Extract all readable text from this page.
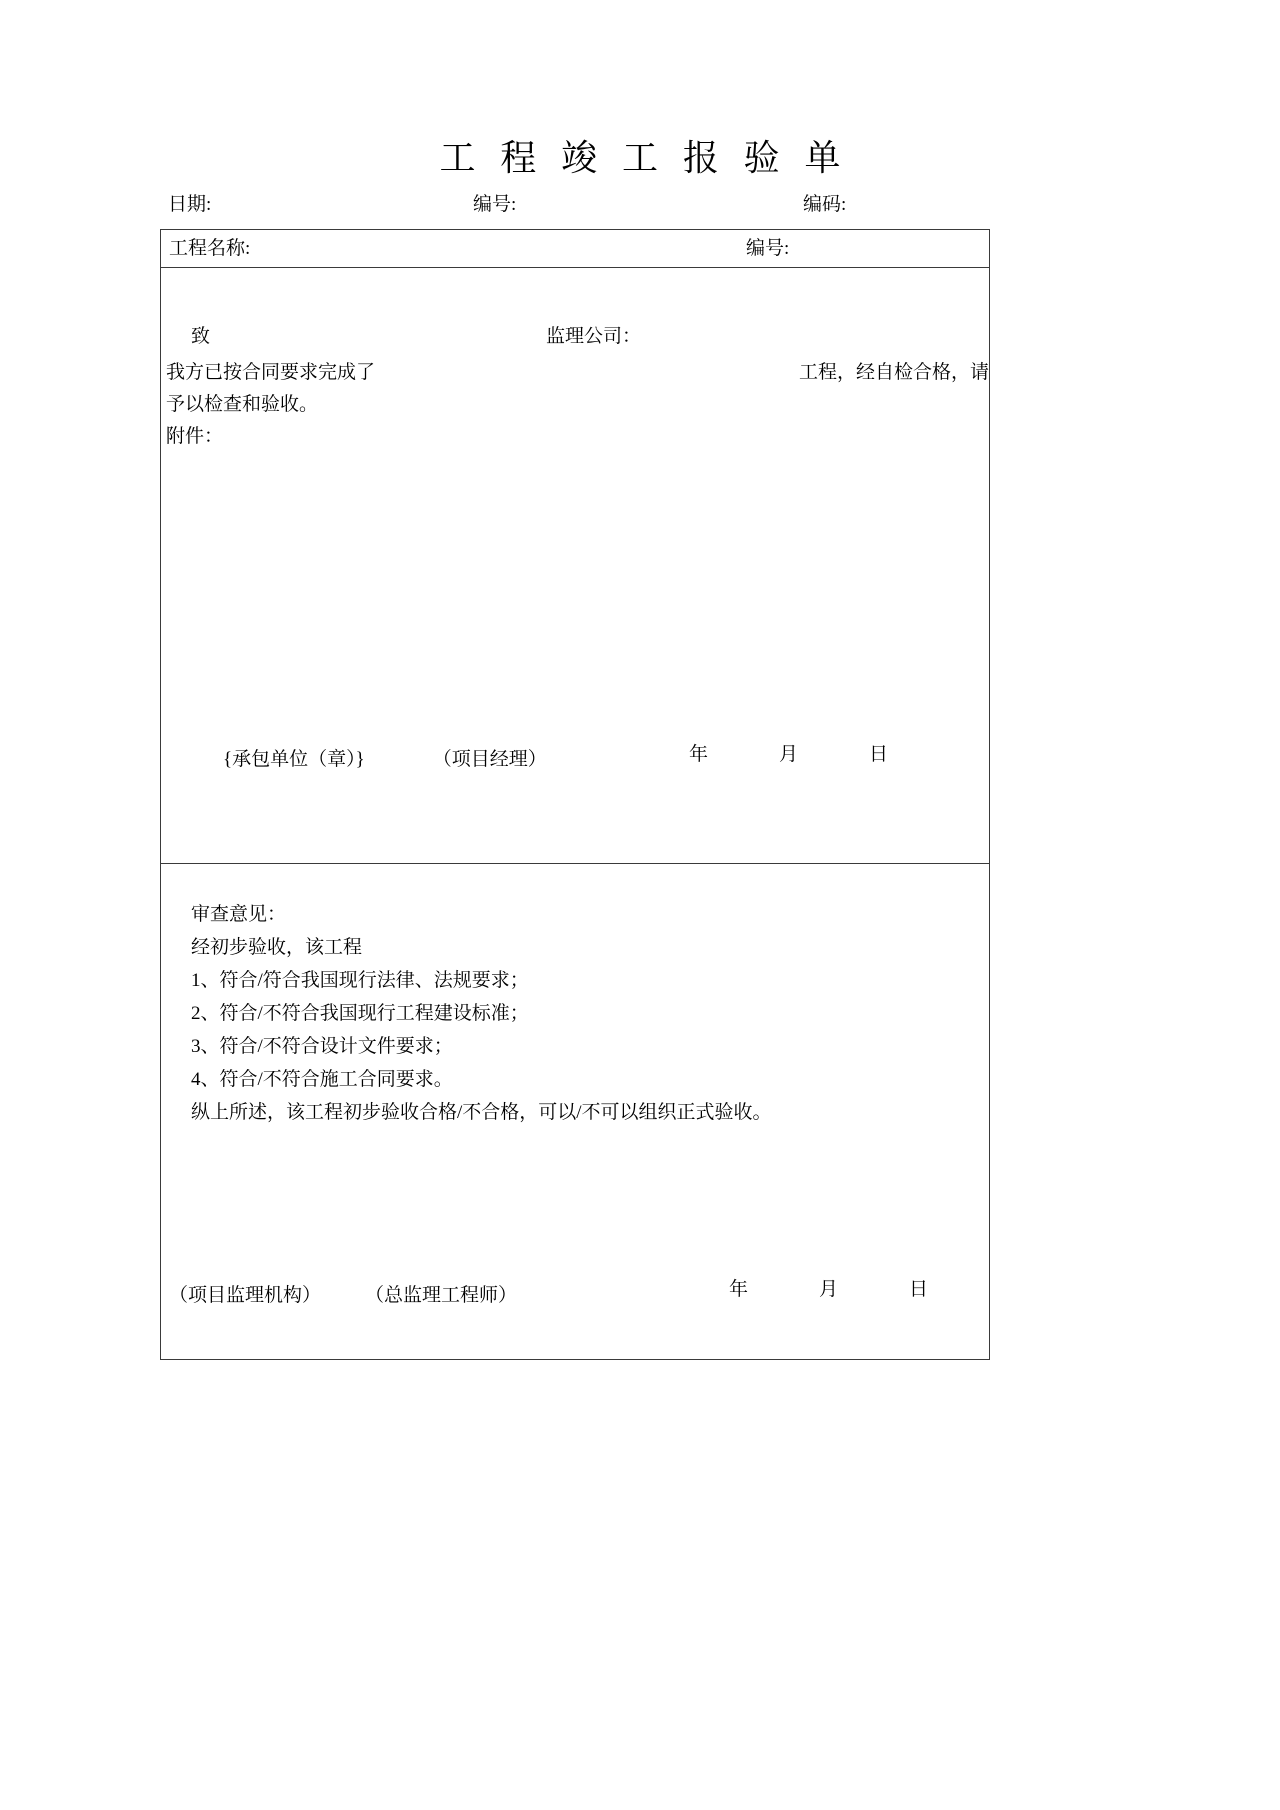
工 程 竣 工 报 验 单
日期:	编号:	编码:
工程名称:	编号:
致	监理公司：
我方已按合同要求完成了	工程，经自检合格，请
予以检查和验收。
附件：

年	月	日

{承包单位（章）}	（项目经理）
审查意见：
经初步验收，该工程
1、符合/符合我国现行法律、法规要求；
2、符合/不符合我国现行工程建设标准；
3、符合/不符合设计文件要求；
4、符合/不符合施工合同要求。
纵上所述，该工程初步验收合格/不合格，可以/不可以组织正式验收。

年	月	日

（项目监理机构） （总监理工程师）
